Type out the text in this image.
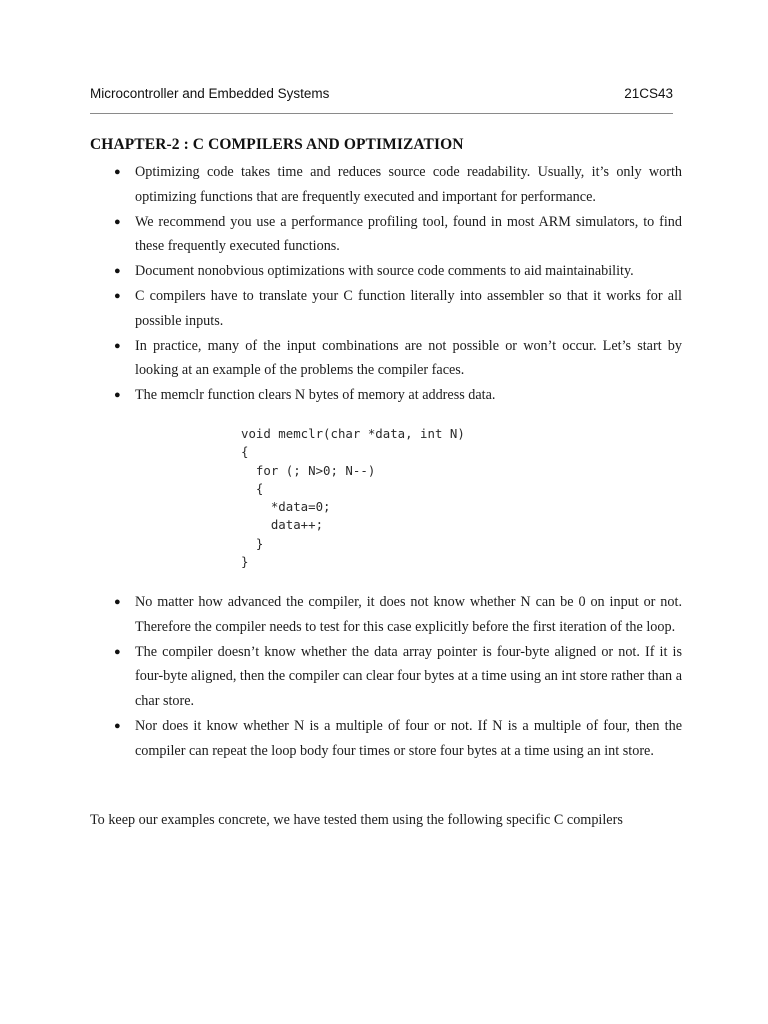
Microcontroller and Embedded Systems	21CS43
CHAPTER-2 : C COMPILERS AND OPTIMIZATION
● Optimizing code takes time and reduces source code readability. Usually, it’s only worth optimizing functions that are frequently executed and important for performance.
● We recommend you use a performance profiling tool, found in most ARM simulators, to find these frequently executed functions.
● Document nonobvious optimizations with source code comments to aid maintainability.
● C compilers have to translate your C function literally into assembler so that it works for all possible inputs.
● In practice, many of the input combinations are not possible or won’t occur. Let’s start by looking at an example of the problems the compiler faces.
● The memclr function clears N bytes of memory at address data.
void memclr(char *data, int N)
{
for (; N>0; N--)
{
*data=0;
data++;
}
}
● No matter how advanced the compiler, it does not know whether N can be 0 on input or not. Therefore the compiler needs to test for this case explicitly before the first iteration of the loop.
● The compiler doesn’t know whether the data array pointer is four-byte aligned or not. If it is four-byte aligned, then the compiler can clear four bytes at a time using an int store rather than a char store.
● Nor does it know whether N is a multiple of four or not. If N is a multiple of four, then the compiler can repeat the loop body four times or store four bytes at a time using an int store.

To keep our examples concrete, we have tested them using the following specific C compilers
